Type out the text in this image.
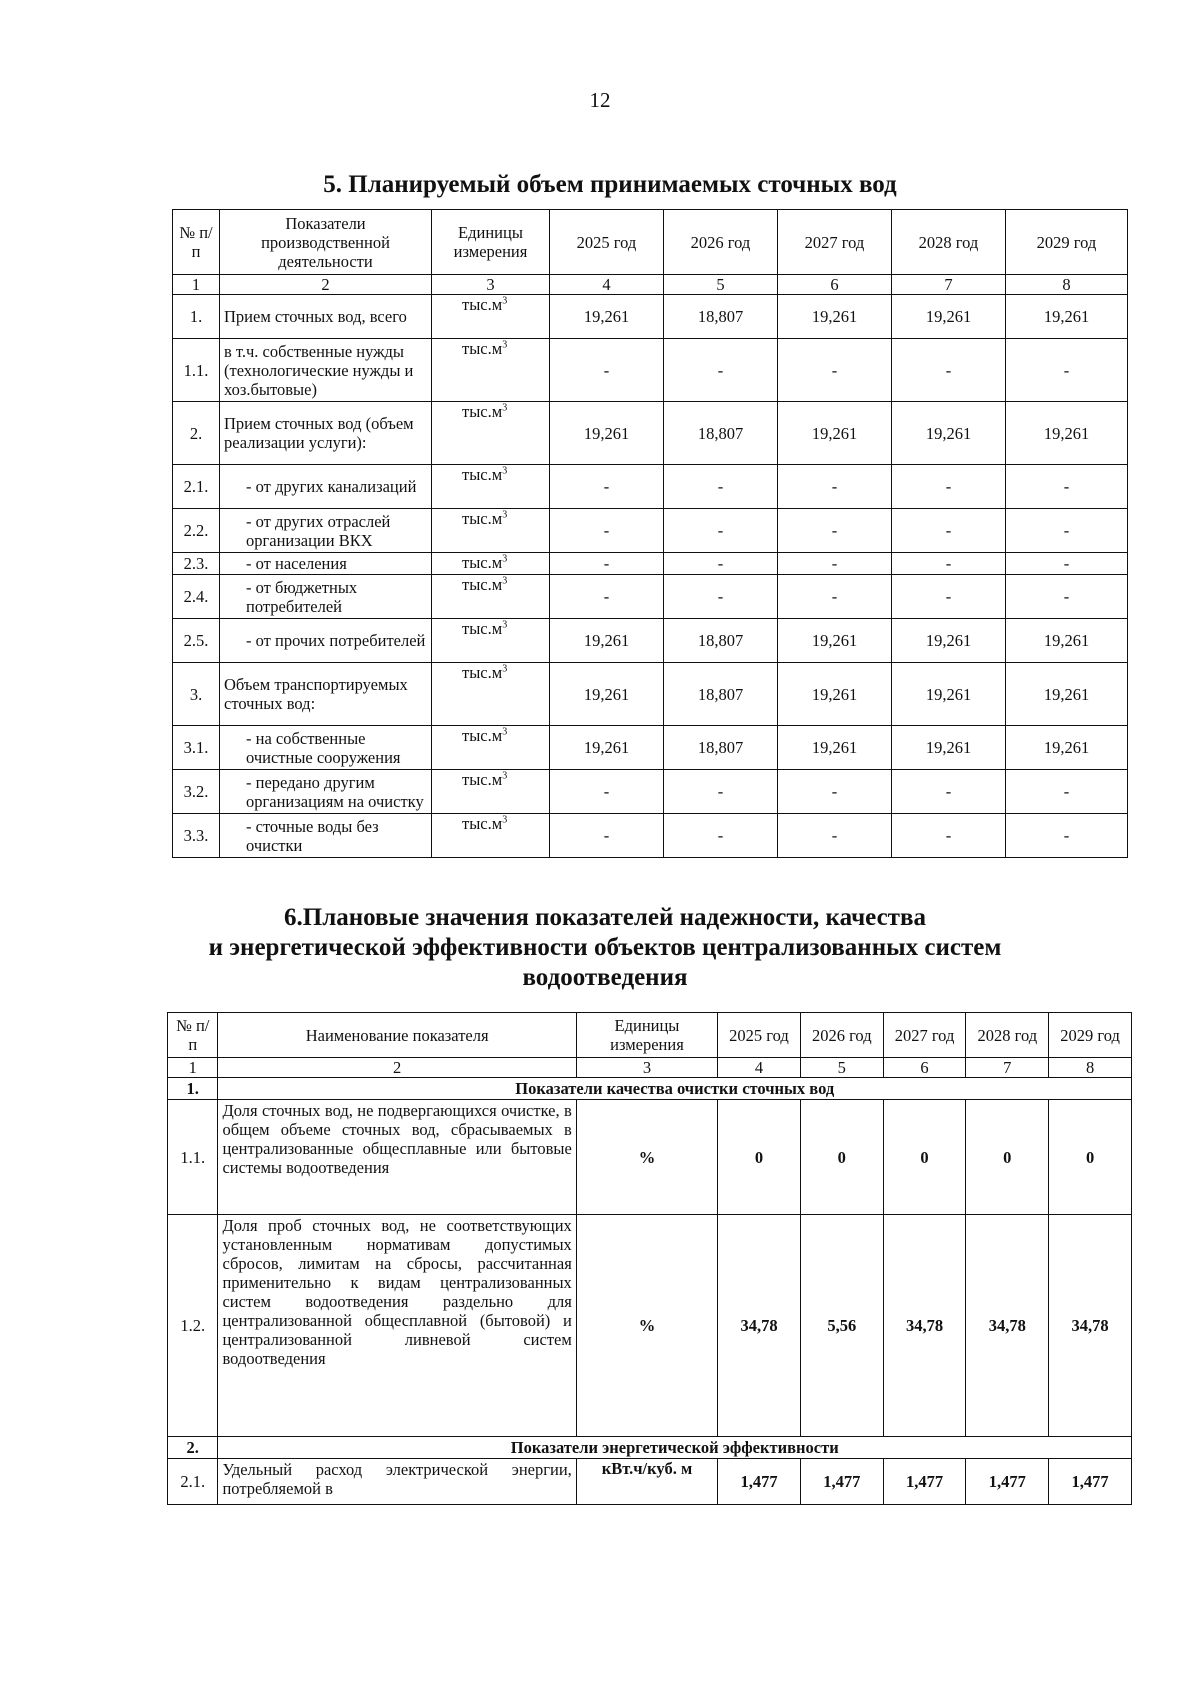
12
5. Планируемый объем принимаемых сточных вод
№ п/п	Показатели производственной деятельности	Единицы измерения	2025 год	2026 год	2027 год	2028 год	2029 год
1	2	3	4	5	6	7	8
1.	Прием сточных вод, всего	$тыс.м^3$	19,261	18,807	19,261	19,261	19,261
1.1.	в т.ч. собственные нужды (технологические нужды и хоз.бытовые)	$тыс.м^3$	-	-	-	-	-
2.	Прием сточных вод (объем реализации услуги):	$тыс.м^3$	19,261	18,807	19,261	19,261	19,261
2.1.	- от других канализаций	$тыс.м^3$	-	-	-	-	-
2.2.	- от других отраслей организации ВКХ	$тыс.м^3$	-	-	-	-	-
2.3.	- от населения	$тыс.м^3$	-	-	-	-	-
2.4.	- от бюджетных потребителей	$тыс.м^3$	-	-	-	-	-
2.5.	- от прочих потребителей	$тыс.м^3$	19,261	18,807	19,261	19,261	19,261
3.	Объем транспортируемых сточных вод:	$тыс.м^3$	19,261	18,807	19,261	19,261	19,261
3.1.	- на собственные очистные сооружения	$тыс.м^3$	19,261	18,807	19,261	19,261	19,261
3.2.	- передано другим организациям на очистку	$тыс.м^3$	-	-	-	-	-
3.3.	- сточные воды без очистки	$тыс.м^3$	-	-	-	-	-
6.Плановые значения показателей надежности, качества
и энергетической эффективности объектов централизованных систем
водоотведения
№ п/п	Наименование показателя	Единицы измерения	2025 год	2026 год	2027 год	2028 год	2029 год
1	2	3	4	5	6	7	8
1.	Показатели качества очистки сточных вод						
1.1.	Доля сточных вод, не подвергающихся очистке, в общем объеме сточных вод, сбрасываемых в централизованные общесплавные или бытовые системы водоотведения	%	0	0	0	0	0
1.2.	Доля проб сточных вод, не соответствующих установленным нормативам допустимых сбросов, лимитам на сбросы, рассчитанная применительно к видам централизованных систем водоотведения раздельно для централизованной общесплавной (бытовой) и централизованной ливневой систем водоотведения	%	34,78	5,56	34,78	34,78	34,78
2.	Показатели энергетической эффективности						
2.1.	Удельный расход электрической энергии, потребляемой в	кВт.ч/куб. м	1,477	1,477	1,477	1,477	1,477
